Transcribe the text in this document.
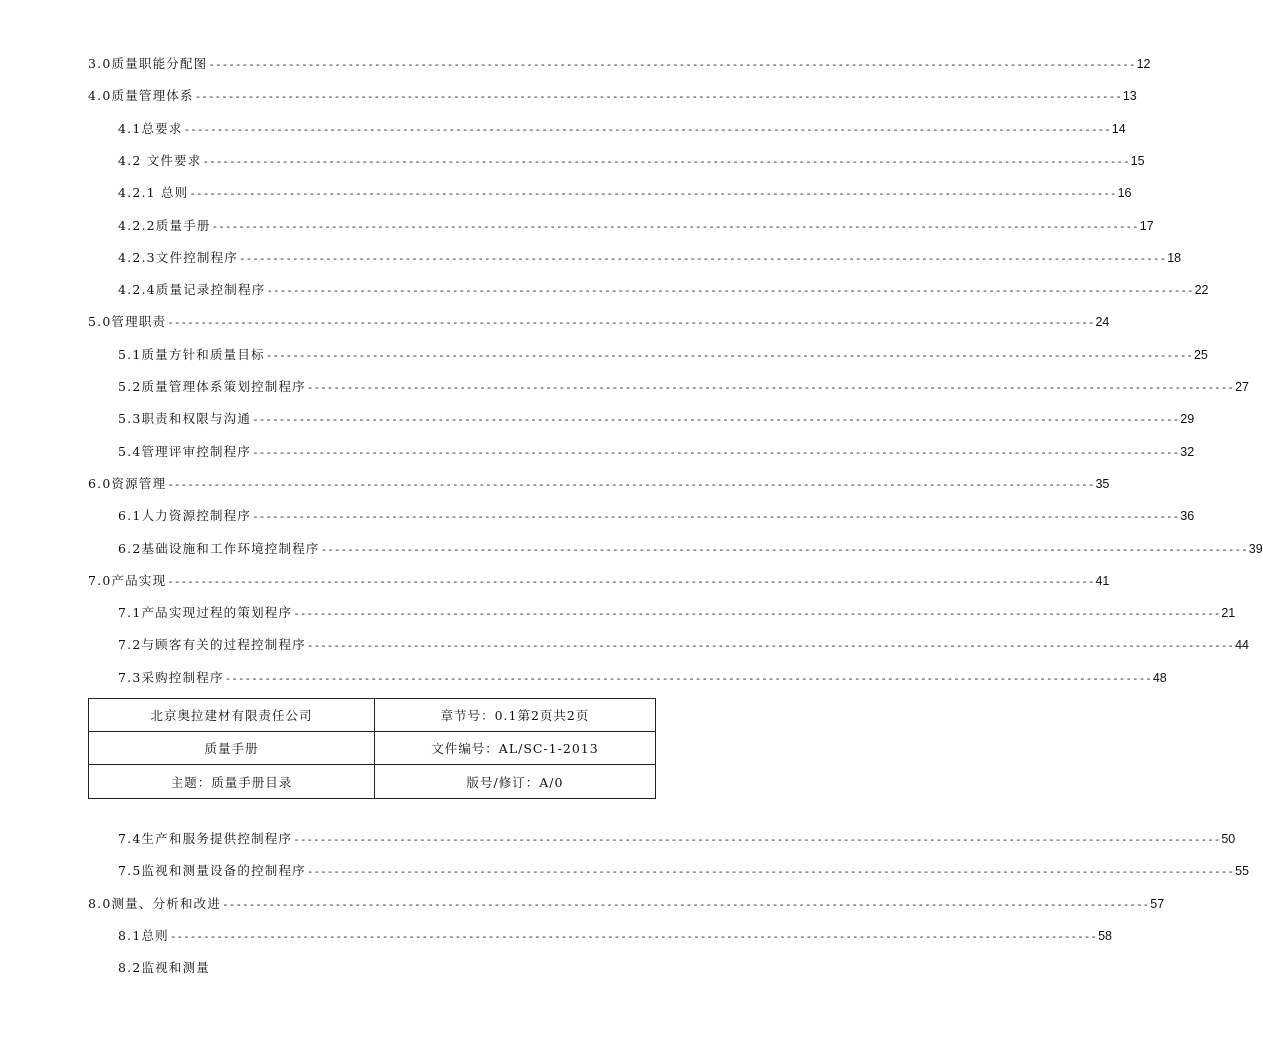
3.0质量职能分配图 -------------------------------------------------------------------------------------------------------------------------------------------- 12
4.0质量管理体系 -------------------------------------------------------------------------------------------------------------------------------------------- 13
4.1总要求 -------------------------------------------------------------------------------------------------------------------------------------------- 14
4.2 文件要求 -------------------------------------------------------------------------------------------------------------------------------------------- 15
4.2.1 总则 -------------------------------------------------------------------------------------------------------------------------------------------- 16
4.2.2质量手册 -------------------------------------------------------------------------------------------------------------------------------------------- 17
4.2.3文件控制程序 -------------------------------------------------------------------------------------------------------------------------------------------- 18
4.2.4质量记录控制程序 -------------------------------------------------------------------------------------------------------------------------------------------- 22
5.0管理职责 -------------------------------------------------------------------------------------------------------------------------------------------- 24
5.1质量方针和质量目标 -------------------------------------------------------------------------------------------------------------------------------------------- 25
5.2质量管理体系策划控制程序 -------------------------------------------------------------------------------------------------------------------------------------------- 27
5.3职责和权限与沟通 -------------------------------------------------------------------------------------------------------------------------------------------- 29
5.4管理评审控制程序 -------------------------------------------------------------------------------------------------------------------------------------------- 32
6.0资源管理 -------------------------------------------------------------------------------------------------------------------------------------------- 35
6.1人力资源控制程序 -------------------------------------------------------------------------------------------------------------------------------------------- 36
6.2基础设施和工作环境控制程序 -------------------------------------------------------------------------------------------------------------------------------------------- 39
7.0产品实现 -------------------------------------------------------------------------------------------------------------------------------------------- 41
7.1产品实现过程的策划程序 -------------------------------------------------------------------------------------------------------------------------------------------- 21
7.2与顾客有关的过程控制程序 -------------------------------------------------------------------------------------------------------------------------------------------- 44
7.3采购控制程序 -------------------------------------------------------------------------------------------------------------------------------------------- 48
7.4生产和服务提供控制程序 -------------------------------------------------------------------------------------------------------------------------------------------- 50
7.5监视和测量设备的控制程序 -------------------------------------------------------------------------------------------------------------------------------------------- 55
8.0测量、分析和改进 -------------------------------------------------------------------------------------------------------------------------------------------- 57
8.1总则 -------------------------------------------------------------------------------------------------------------------------------------------- 58
8.2监视和测量
北京奥拉建材有限责任公司	章节号：0.1第2页共2页
质量手册	文件编号：AL/SC-1-2013
主题：质量手册目录	版号/修订：A/0
